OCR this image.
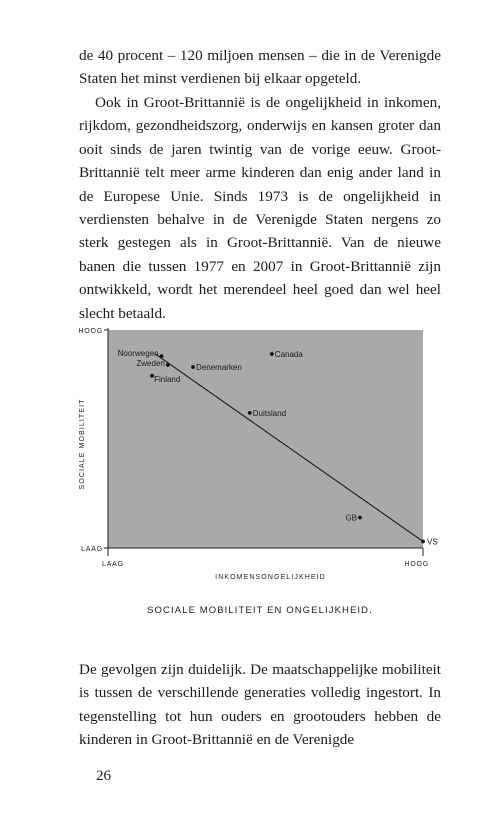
de 40 procent – 120 miljoen mensen – die in de Verenigde Staten het minst verdienen bij elkaar opgeteld.

Ook in Groot-Brittannië is de ongelijkheid in inkomen, rijkdom, gezondheidszorg, onderwijs en kansen groter dan ooit sinds de jaren twintig van de vorige eeuw. Groot-Brittannië telt meer arme kinderen dan enig ander land in de Europese Unie. Sinds 1973 is de ongelijkheid in verdiensten behalve in de Verenigde Staten nergens zo sterk gestegen als in Groot-Brittannië. Van de nieuwe banen die tussen 1977 en 2007 in Groot-Brittannië zijn ontwikkeld, wordt het merendeel heel goed dan wel heel slecht betaald.

HOOG
LAAG
LAAG	HOOG
INKOMENSONGELIJKHEID
SOCIALE MOBILITEIT
Noorwegen
Zweden
Finland
Denemarken
Canada
Duitsland
GB
VS

SOCIALE MOBILITEIT EN ONGELIJKHEID.

De gevolgen zijn duidelijk. De maatschappelijke mobiliteit is tussen de verschillende generaties volledig ingestort. In tegenstelling tot hun ouders en grootouders hebben de kinderen in Groot-Brittannië en de Verenigde

26
